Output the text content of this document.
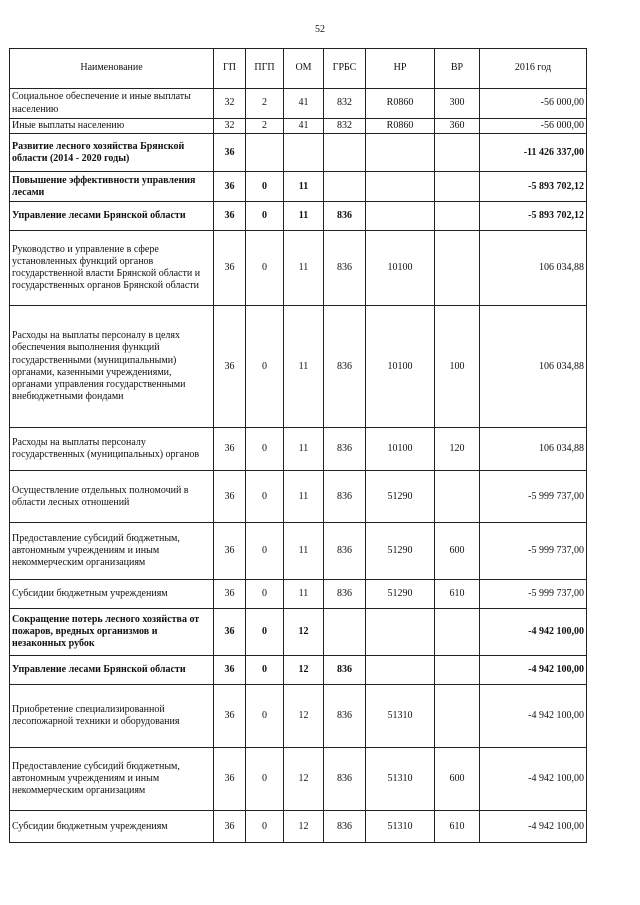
52
Наименование	ГП	ПГП	ОМ	ГРБС	НР	ВР	2016 год
Социальное обеспечение и иные выплаты населению	32	2	41	832	R0860	300	-56 000,00
Иные выплаты населению	32	2	41	832	R0860	360	-56 000,00
Развитие лесного хозяйства Брянской области (2014 - 2020 годы)	36						-11 426 337,00
Повышение эффективности управления лесами	36	0	11				-5 893 702,12
Управление лесами Брянской области	36	0	11	836			-5 893 702,12
Руководство и управление в сфере установленных функций органов государственной власти Брянской области и государственных органов Брянской области	36	0	11	836	10100		106 034,88
Расходы на выплаты персоналу в целях обеспечения выполнения функций государственными (муниципальными) органами, казенными учреждениями, органами управления государственными внебюджетными фондами	36	0	11	836	10100	100	106 034,88
Расходы на выплаты персоналу государственных (муниципальных) органов	36	0	11	836	10100	120	106 034,88
Осуществление отдельных полномочий в области лесных отношений	36	0	11	836	51290		-5 999 737,00
Предоставление субсидий бюджетным, автономным учреждениям и иным некоммерческим организациям	36	0	11	836	51290	600	-5 999 737,00
Субсидии бюджетным учреждениям	36	0	11	836	51290	610	-5 999 737,00
Сокращение потерь лесного хозяйства от пожаров, вредных организмов и незаконных рубок	36	0	12				-4 942 100,00
Управление лесами Брянской области	36	0	12	836			-4 942 100,00
Приобретение специализированной лесопожарной техники и оборудования	36	0	12	836	51310		-4 942 100,00
Предоставление субсидий бюджетным, автономным учреждениям и иным некоммерческим организациям	36	0	12	836	51310	600	-4 942 100,00
Субсидии бюджетным учреждениям	36	0	12	836	51310	610	-4 942 100,00
